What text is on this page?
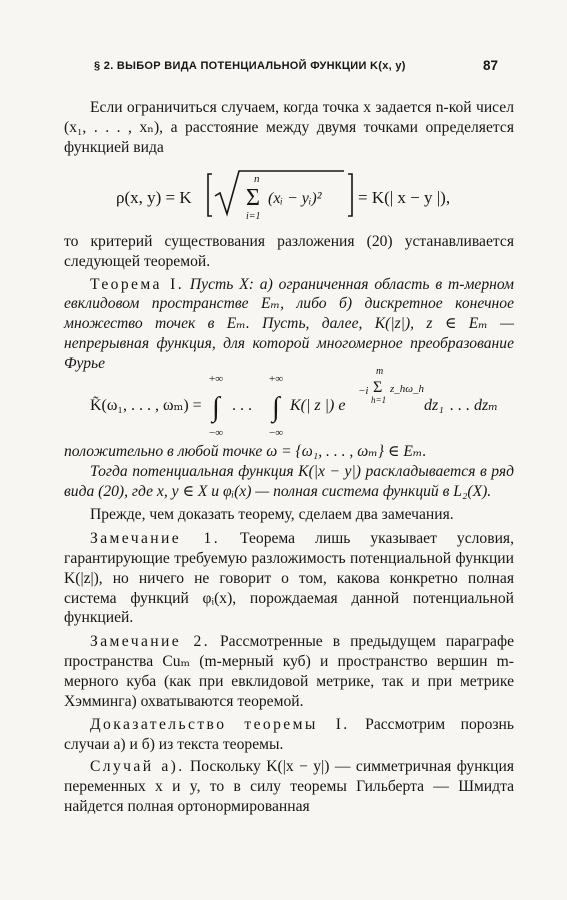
§ 2. ВЫБОР ВИДА ПОТЕНЦИАЛЬНОЙ ФУНКЦИИ K(x, y)	87

Если ограничиться случаем, когда точка x задается n-кой чисел (x₁, . . . , xₙ), а расстояние между двумя точками определяется функцией вида

ρ(x, y) = K
n
Σ
i=1
(xᵢ − yᵢ)² = K(| x − y |),

то критерий существования разложения (20) устанавливается следующей теоремой.

Теорема I. Пусть X: а) ограниченная область в m-мерном евклидовом пространстве Eₘ, либо б) дискретное конечное множество точек в Eₘ. Пусть, далее, K(|z|), z ∈ Eₘ — непрерывная функция, для которой многомерное преобразование Фурье

K̃(ω₁, . . . , ωₘ) =
+∞
∫
−∞
. . .
+∞
∫
−∞
K(| z |) e
−i
m
Σ
h=1
z_hω_h
dz₁ . . . dzₘ

положительно в любой точке ω = {ω₁, . . . , ωₘ} ∈ Eₘ.

Тогда потенциальная функция K(|x − y|) раскладывается в ряд вида (20), где x, y ∈ X и φᵢ(x) — полная система функций в L₂(X).

Прежде, чем доказать теорему, сделаем два замечания.

Замечание 1. Теорема лишь указывает условия, гарантирующие требуемую разложимость потенциальной функции K(|z|), но ничего не говорит о том, какова конкретно полная система функций φᵢ(x), порождаемая данной потенциальной функцией.

Замечание 2. Рассмотренные в предыдущем параграфе пространства Cuₘ (m-мерный куб) и пространство вершин m-мерного куба (как при евклидовой метрике, так и при метрике Хэмминга) охватываются теоремой.

Доказательство теоремы I. Рассмотрим порознь случаи а) и б) из текста теоремы.

Случай а). Поскольку K(|x − y|) — симметричная функция переменных x и y, то в силу теоремы Гильберта — Шмидта найдется полная ортонормированная
